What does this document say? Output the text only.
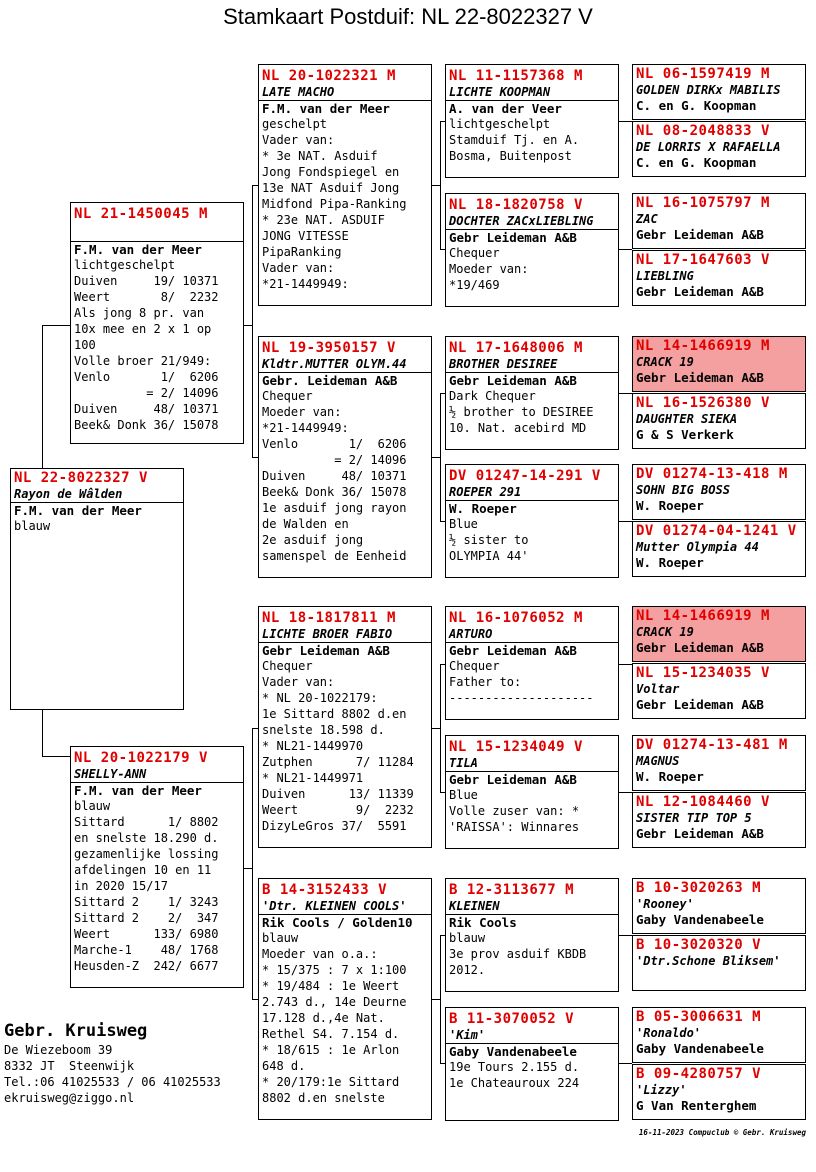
Stamkaart Postduif: NL 22-8022327 V
NL 22-8022327 V
Rayon de Wâlden
F.M. van der Meer
blauw
NL 21-1450045 M
F.M. van der Meer
lichtgeschelpt
Duiven     19/ 10371
Weert       8/  2232
Als jong 8 pr. van
10x mee en 2 x 1 op
100
Volle broer 21/949:
Venlo       1/  6206
= 2/ 14096
Duiven     48/ 10371
Beek& Donk 36/ 15078
NL 20-1022179 V
SHELLY-ANN
F.M. van der Meer
blauw
Sittard      1/ 8802
en snelste 18.290 d.
gezamenlijke lossing
afdelingen 10 en 11
in 2020 15/17
Sittard 2    1/ 3243
Sittard 2    2/  347
Weert      133/ 6980
Marche-1    48/ 1768
Heusden-Z  242/ 6677
NL 20-1022321 M
LATE MACHO
F.M. van der Meer
geschelpt
Vader van:
* 3e NAT. Asduif
Jong Fondspiegel en
13e NAT Asduif Jong
Midfond Pipa-Ranking
* 23e NAT. ASDUIF
JONG VITESSE
PipaRanking
Vader van:
*21-1449949:
NL 19-3950157 V
Kldtr.MUTTER OLYM.44
Gebr. Leideman A&B
Chequer
Moeder van:
*21-1449949:
Venlo       1/  6206
= 2/ 14096
Duiven     48/ 10371
Beek& Donk 36/ 15078
1e asduif jong rayon
de Walden en
2e asduif jong
samenspel de Eenheid
NL 18-1817811 M
LICHTE BROER FABIO
Gebr Leideman A&B
Chequer
Vader van:
* NL 20-1022179:
1e Sittard 8802 d.en
snelste 18.598 d.
* NL21-1449970
Zutphen      7/ 11284
* NL21-1449971
Duiven      13/ 11339
Weert        9/  2232
DizyLeGros 37/  5591
B 14-3152433 V
'Dtr. KLEINEN COOLS'
Rik Cools / Golden10
blauw
Moeder van o.a.:
* 15/375 : 7 x 1:100
* 19/484 : 1e Weert
2.743 d., 14e Deurne
17.128 d.,4e Nat.
Rethel S4. 7.154 d.
* 18/615 : 1e Arlon
648 d.
* 20/179:1e Sittard
8802 d.en snelste
NL 11-1157368 M
LICHTE KOOPMAN
A. van der Veer
lichtgeschelpt
Stamduif Tj. en A.
Bosma, Buitenpost
NL 18-1820758 V
DOCHTER ZACxLIEBLING
Gebr Leideman A&B
Chequer
Moeder van:
*19/469
NL 17-1648006 M
BROTHER DESIREE
Gebr Leideman A&B
Dark Chequer
½ brother to DESIREE
10. Nat. acebird MD
DV 01247-14-291 V
ROEPER 291
W. Roeper
Blue
½ sister to
OLYMPIA 44'
NL 16-1076052 M
ARTURO
Gebr Leideman A&B
Chequer
Father to:
--------------------
NL 15-1234049 V
TILA
Gebr Leideman A&B
Blue
Volle zuser van: *
'RAISSA': Winnares
B 12-3113677 M
KLEINEN
Rik Cools
blauw
3e prov asduif KBDB
2012.
B 11-3070052 V
'Kim'
Gaby Vandenabeele
19e Tours 2.155 d.
1e Chateauroux 224
NL 06-1597419 M
GOLDEN DIRKx MABILIS
C. en G. Koopman
NL 08-2048833 V
DE LORRIS X RAFAELLA
C. en G. Koopman
NL 16-1075797 M
ZAC
Gebr Leideman A&B
NL 17-1647603 V
LIEBLING
Gebr Leideman A&B
NL 14-1466919 M
CRACK 19
Gebr Leideman A&B
NL 16-1526380 V
DAUGHTER SIEKA
G & S Verkerk
DV 01274-13-418 M
SOHN BIG BOSS
W. Roeper
DV 01274-04-1241 V
Mutter Olympia 44
W. Roeper
NL 14-1466919 M
CRACK 19
Gebr Leideman A&B
NL 15-1234035 V
Voltar
Gebr Leideman A&B
DV 01274-13-481 M
MAGNUS
W. Roeper
NL 12-1084460 V
SISTER TIP TOP 5
Gebr Leideman A&B
B 10-3020263 M
'Rooney'
Gaby Vandenabeele
B 10-3020320 V
'Dtr.Schone Bliksem'
B 05-3006631 M
'Ronaldo'
Gaby Vandenabeele
B 09-4280757 V
'Lizzy'
G Van Renterghem
Gebr. Kruisweg
De Wiezeboom 39
8332 JT  Steenwijk
Tel.:06 41025533 / 06 41025533
ekruisweg@ziggo.nl
16-11-2023 Compuclub © Gebr. Kruisweg
